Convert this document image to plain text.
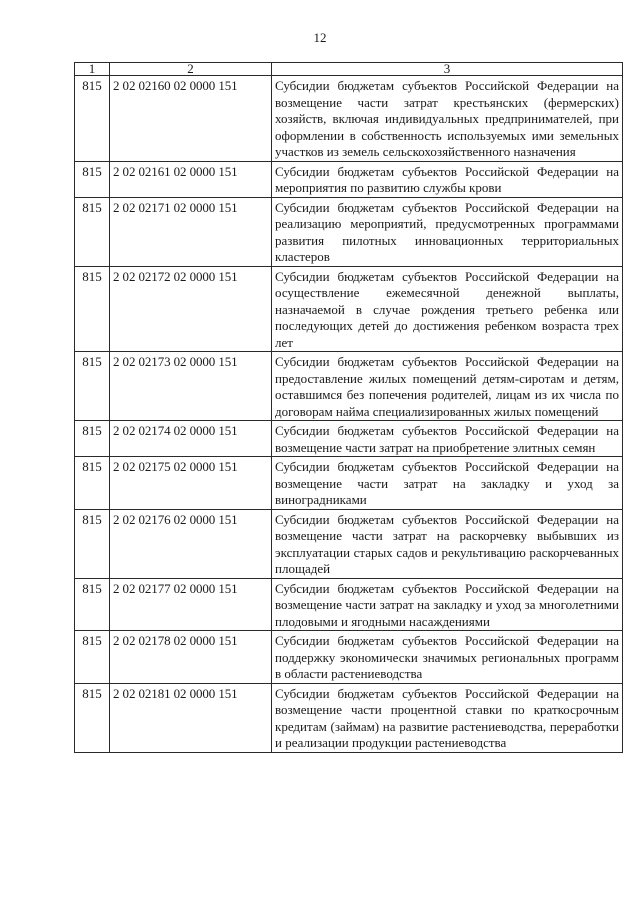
12
1	2	3
815	2 02 02160 02 0000 151	Субсидии бюджетам субъектов Российской Федерации на возмещение части затрат крестьянских (фермерских) хозяйств, включая индивидуальных предпринимателей, при оформлении в собственность используемых ими земельных участков из земель сельскохозяйственного назначения
815	2 02 02161 02 0000 151	Субсидии бюджетам субъектов Российской Федерации на мероприятия по развитию службы крови
815	2 02 02171 02 0000 151	Субсидии бюджетам субъектов Российской Федерации на реализацию мероприятий, предусмотренных программами развития пилотных инновационных территориальных кластеров
815	2 02 02172 02 0000 151	Субсидии бюджетам субъектов Российской Федерации на осуществление ежемесячной денежной выплаты, назначаемой в случае рождения третьего ребенка или последующих детей до достижения ребенком возраста трех лет
815	2 02 02173 02 0000 151	Субсидии бюджетам субъектов Российской Федерации на предоставление жилых помещений детям-сиротам и детям, оставшимся без попечения родителей, лицам из их числа по договорам найма специализированных жилых помещений
815	2 02 02174 02 0000 151	Субсидии бюджетам субъектов Российской Федерации на возмещение части затрат на приобретение элитных семян
815	2 02 02175 02 0000 151	Субсидии бюджетам субъектов Российской Федерации на возмещение части затрат на закладку и уход за виноградниками
815	2 02 02176 02 0000 151	Субсидии бюджетам субъектов Российской Федерации на возмещение части затрат на раскорчевку выбывших из эксплуатации старых садов и рекультивацию раскорчеванных площадей
815	2 02 02177 02 0000 151	Субсидии бюджетам субъектов Российской Федерации на возмещение части затрат на закладку и уход за многолетними плодовыми и ягодными насаждениями
815	2 02 02178 02 0000 151	Субсидии бюджетам субъектов Российской Федерации на поддержку экономически значимых региональных программ в области растениеводства
815	2 02 02181 02 0000 151	Субсидии бюджетам субъектов Российской Федерации на возмещение части процентной ставки по краткосрочным кредитам (займам) на развитие растениеводства, переработки и реализации продукции растениеводства
